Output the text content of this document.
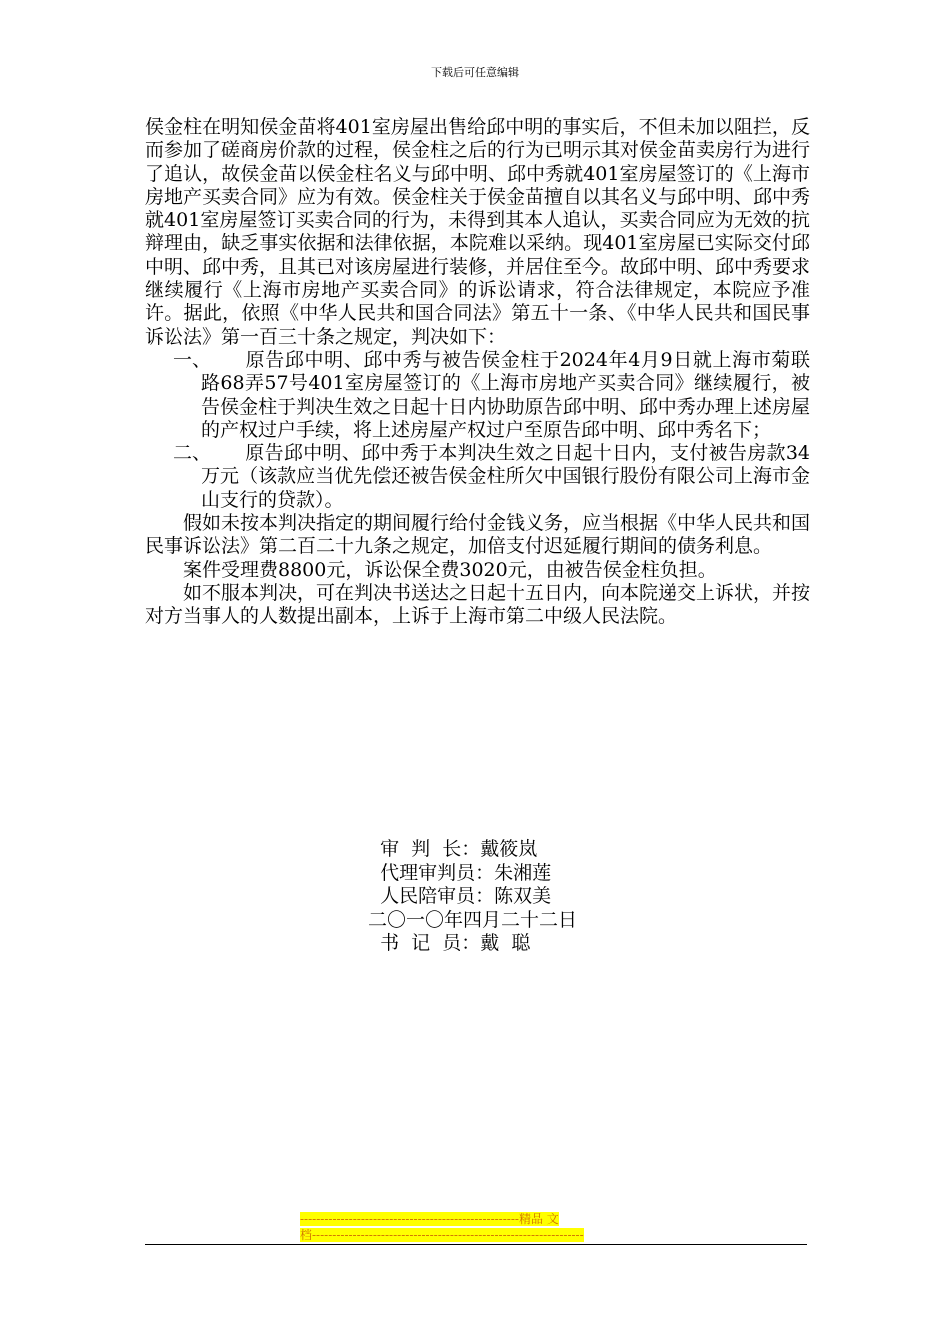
下载后可任意编辑

侯金柱在明知侯金苗将401室房屋出售给邱中明的事实后，不但未加以阻拦，反而参加了磋商房价款的过程，侯金柱之后的行为已明示其对侯金苗卖房行为进行了追认，故侯金苗以侯金柱名义与邱中明、邱中秀就401室房屋签订的《上海市房地产买卖合同》应为有效。侯金柱关于侯金苗擅自以其名义与邱中明、邱中秀就401室房屋签订买卖合同的行为，未得到其本人追认，买卖合同应为无效的抗辩理由，缺乏事实依据和法律依据，本院难以采纳。现401室房屋已实际交付邱中明、邱中秀，且其已对该房屋进行装修，并居住至今。故邱中明、邱中秀要求继续履行《上海市房地产买卖合同》的诉讼请求，符合法律规定，本院应予准许。据此，依照《中华人民共和国合同法》第五十一条、《中华人民共和国民事诉讼法》第一百三十条之规定，判决如下：

一、 原告邱中明、邱中秀与被告侯金柱于2024年4月9日就上海市菊联路68弄57号401室房屋签订的《上海市房地产买卖合同》继续履行，被告侯金柱于判决生效之日起十日内协助原告邱中明、邱中秀办理上述房屋的产权过户手续，将上述房屋产权过户至原告邱中明、邱中秀名下；

二、 原告邱中明、邱中秀于本判决生效之日起十日内，支付被告房款34万元（该款应当优先偿还被告侯金柱所欠中国银行股份有限公司上海市金山支行的贷款）。

假如未按本判决指定的期间履行给付金钱义务，应当根据《中华人民共和国民事诉讼法》第二百二十九条之规定，加倍支付迟延履行期间的债务利息。

案件受理费8800元，诉讼保全费3020元，由被告侯金柱负担。

如不服本判决，可在判决书送达之日起十五日内，向本院递交上诉状，并按对方当事人的人数提出副本，上诉于上海市第二中级人民法院。

审  判  长：戴筱岚
代理审判员：朱湘莲
人民陪审员：陈双美
二〇一〇年四月二十二日
书  记  员：戴  聪
------------------------------------------------------精品 文
档-------------------------------------------------------------------
